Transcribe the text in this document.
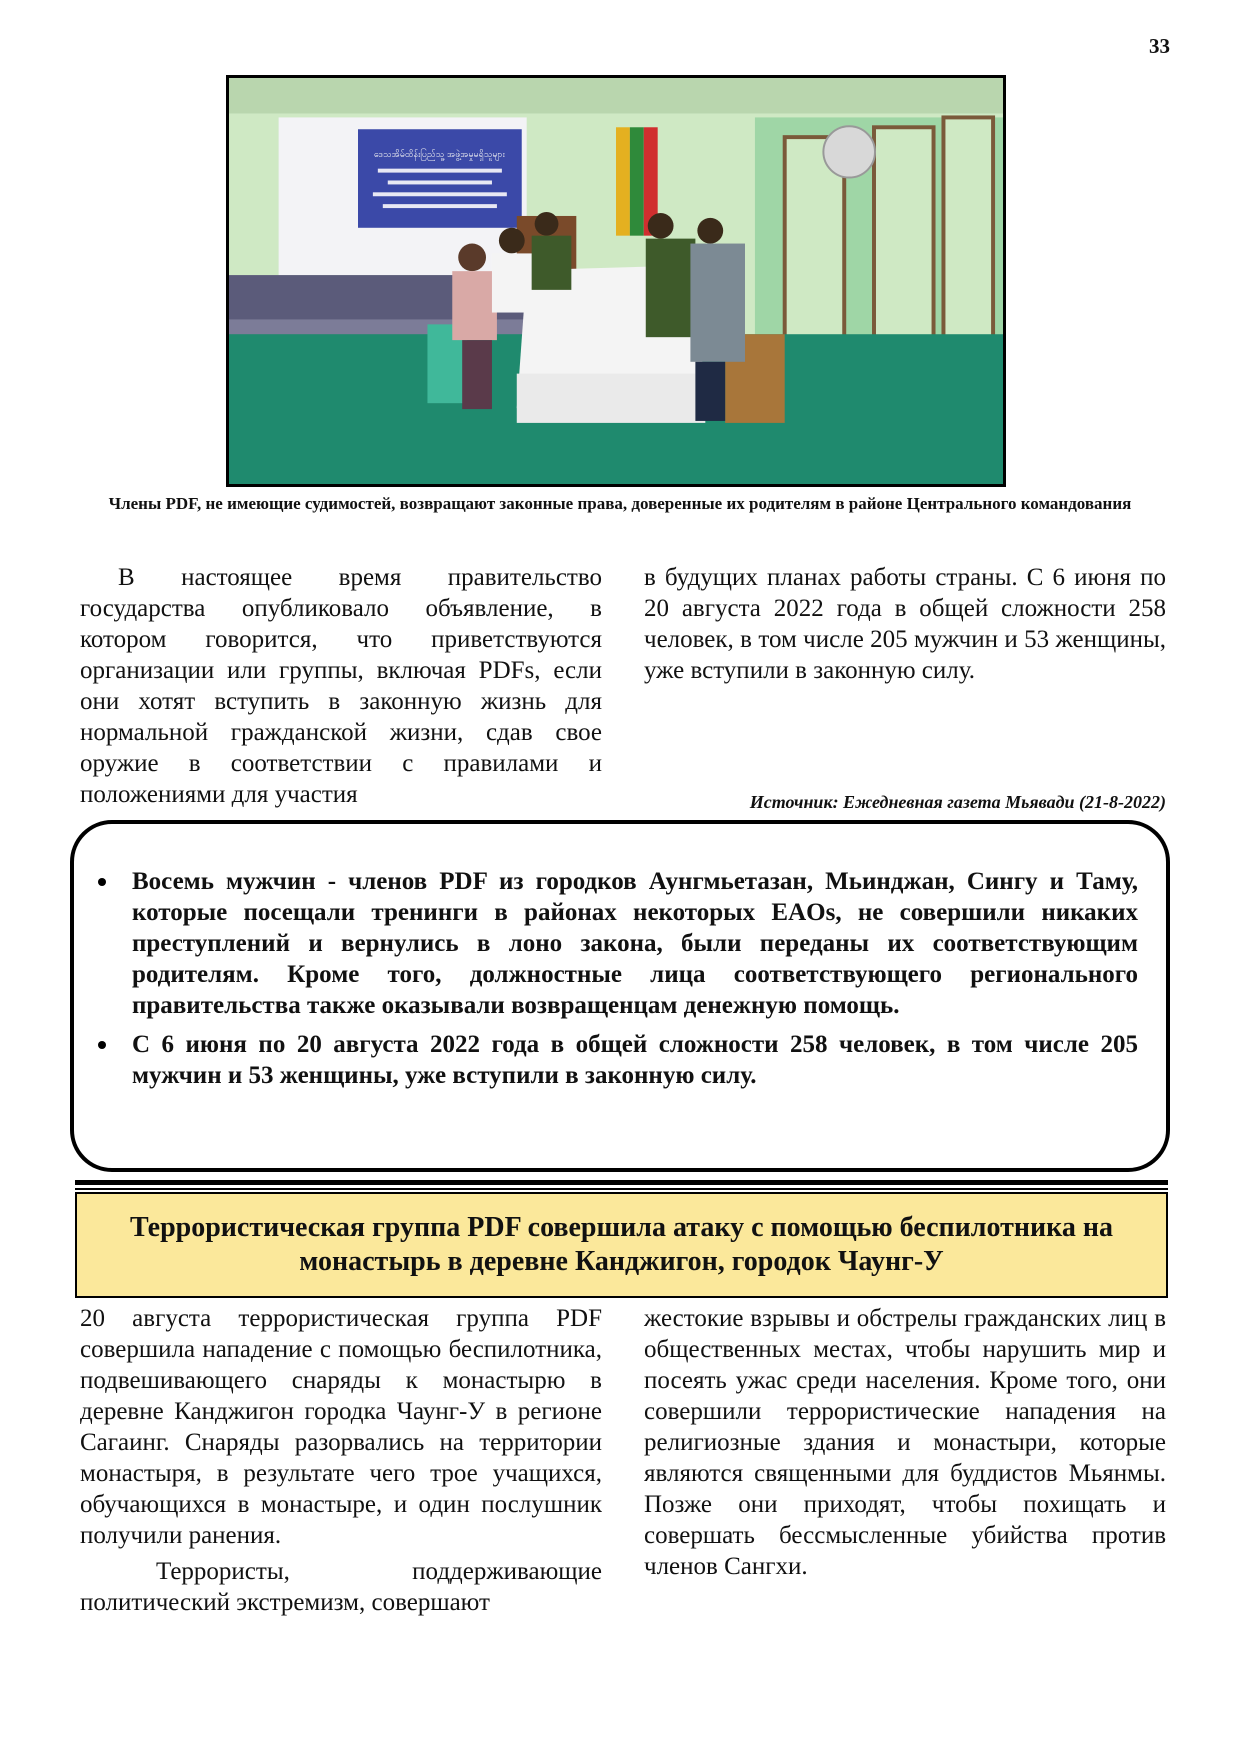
33
ဒေသအိမ်ထိန်းပြည်သူ့ အဖွဲ့အမှုမရှိသူများ
Члены PDF, не имеющие судимостей, возвращают законные права, доверенные их родителям в районе Центрального командования

В настоящее время правительство государства опубликовало объявление, в котором говорится, что приветствуются организации или группы, включая PDFs, если они хотят вступить в законную жизнь для нормальной гражданской жизни, сдав свое оружие в соответствии с правилами и положениями для участия

в будущих планах работы страны. С 6 июня по 20 августа 2022 года в общей сложности 258 человек, в том числе 205 мужчин и 53 женщины, уже вступили в законную силу.

Источник: Ежедневная газета Мьявади (21-8-2022)
Восемь мужчин - членов PDF из городков Аунгмьетазан, Мьинджан, Сингу и Таму, которые посещали тренинги в районах некоторых EAOs, не совершили никаких преступлений и вернулись в лоно закона, были переданы их соответствующим родителям. Кроме того, должностные лица соответствующего регионального правительства также оказывали возвращенцам денежную помощь.
С 6 июня по 20 августа 2022 года в общей сложности 258 человек, в том числе 205 мужчин и 53 женщины, уже вступили в законную силу.
Террористическая группа PDF совершила атаку с помощью беспилотника на монастырь в деревне Канджигон, городок Чаунг-У

20 августа террористическая группа PDF совершила нападение с помощью беспилотника, подвешивающего снаряды к монастырю в деревне Канджигон городка Чаунг-У в регионе Сагаинг. Снаряды разорвались на территории монастыря, в результате чего трое учащихся, обучающихся в монастыре, и один послушник получили ранения.

Террористы, поддерживающие политический экстремизм, совершают

жестокие взрывы и обстрелы гражданских лиц в общественных местах, чтобы нарушить мир и посеять ужас среди населения. Кроме того, они совершили террористические нападения на религиозные здания и монастыри, которые являются священными для буддистов Мьянмы. Позже они приходят, чтобы похищать и совершать бессмысленные убийства против членов Сангхи.
